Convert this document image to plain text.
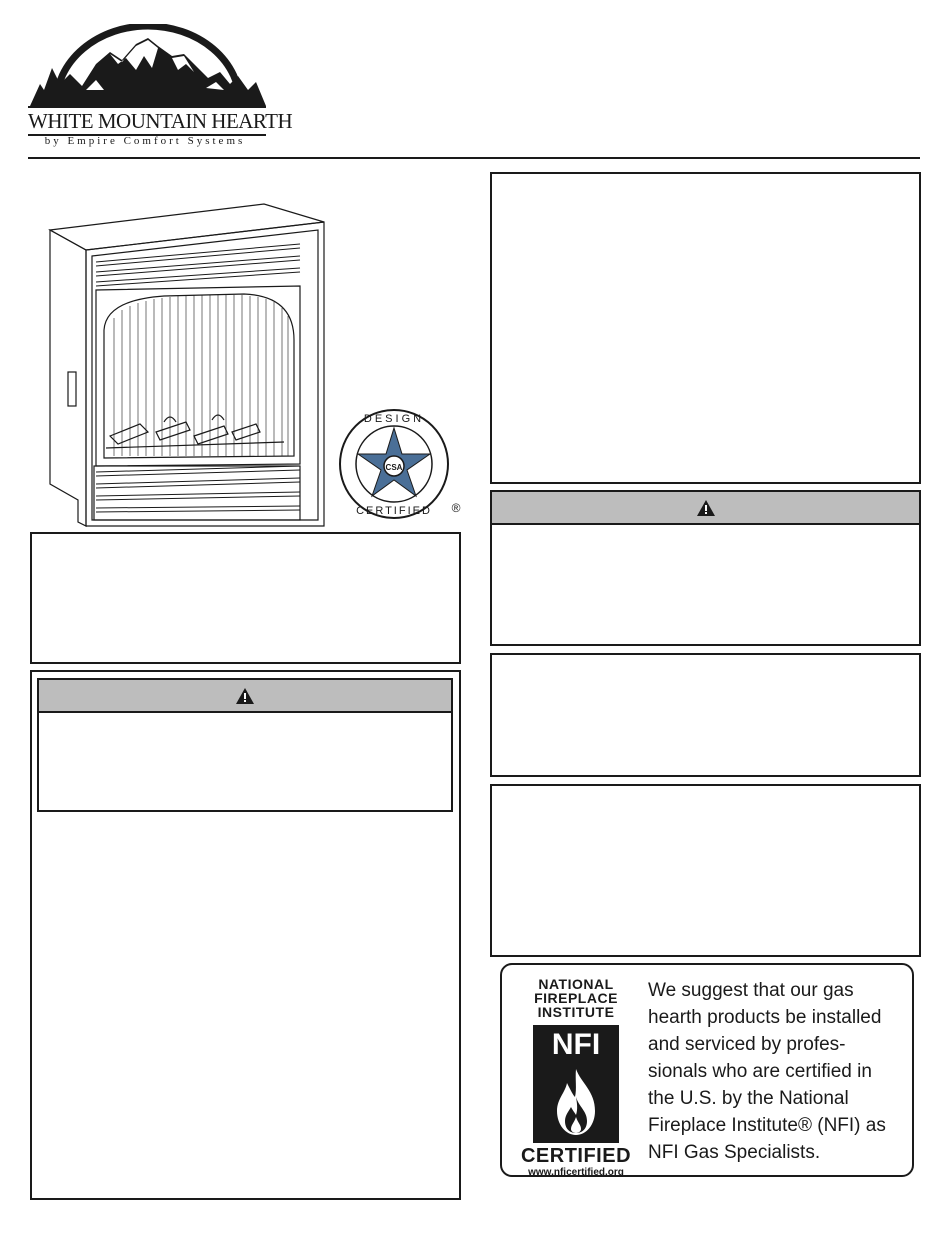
WHITE MOUNTAIN HEARTH
by Empire Comfort Systems
CSA
DESIGN
CERTIFIED ®
NATIONAL
FIREPLACE
INSTITUTE
NFI
CERTIFIED
www.nficertified.org
We suggest that our gas
hearth products be installed
and serviced by profes-
sionals who are certified in
the U.S. by the National
Fireplace Institute® (NFI) as
NFI Gas Specialists.
